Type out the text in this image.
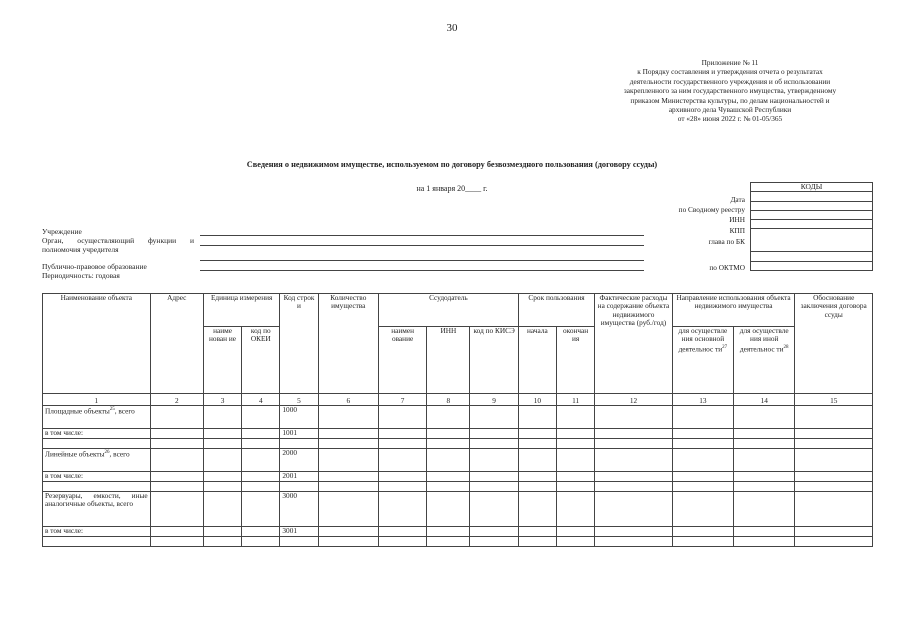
30
Приложение № 11
к Порядку составления и утверждения отчета о результатах
деятельности государственного учреждения и об использовании
закрепленного за ним государственного имущества, утвержденному
приказом Министерства культуры, по делам национальностей и
архивного дела Чувашской Республики
от «28» июня 2022 г. № 01-05/365
Сведения о недвижимом имуществе, используемом по договору безвозмездного пользования (договору ссуды)
на 1 января 20____ г.
Учреждение
Орган, осуществляющий функции и полномочия учредителя
Публично-правовое образование
Периодичность: годовая
Дата
по Сводному реестру
ИНН
КПП
глава по БК
по ОКТМО
КОДЫ

Наименование объекта	Адрес	Единица измерения		Код строк и	Количество имущества	Ссудодатель			Срок пользования		Фактические расходы на содержание объекта недвижимого имущества (руб./год)	Направление использования объекта недвижимого имущества		Обоснование заключения договора ссуды
		наиме нован ие	код по ОКЕИ			наимен ование	ИНН	код по КИСЭ	начала	окончан ия		для осуществле ния основной деятельнос $ти^{27}$	для осуществле ния иной деятельнос $ти^{28}$
1	2	3	4	5	6	7	8	9	10	11	12	13	14	15
Площадные объекты$^{25}$, всего				1000										
в том числе:				1001										

Линейные объекты$^{26}$, всего				2000										
в том числе:				2001										

Резервуары, емкости, иные аналогичные объекты, всего				3000										
в том числе:				3001										
